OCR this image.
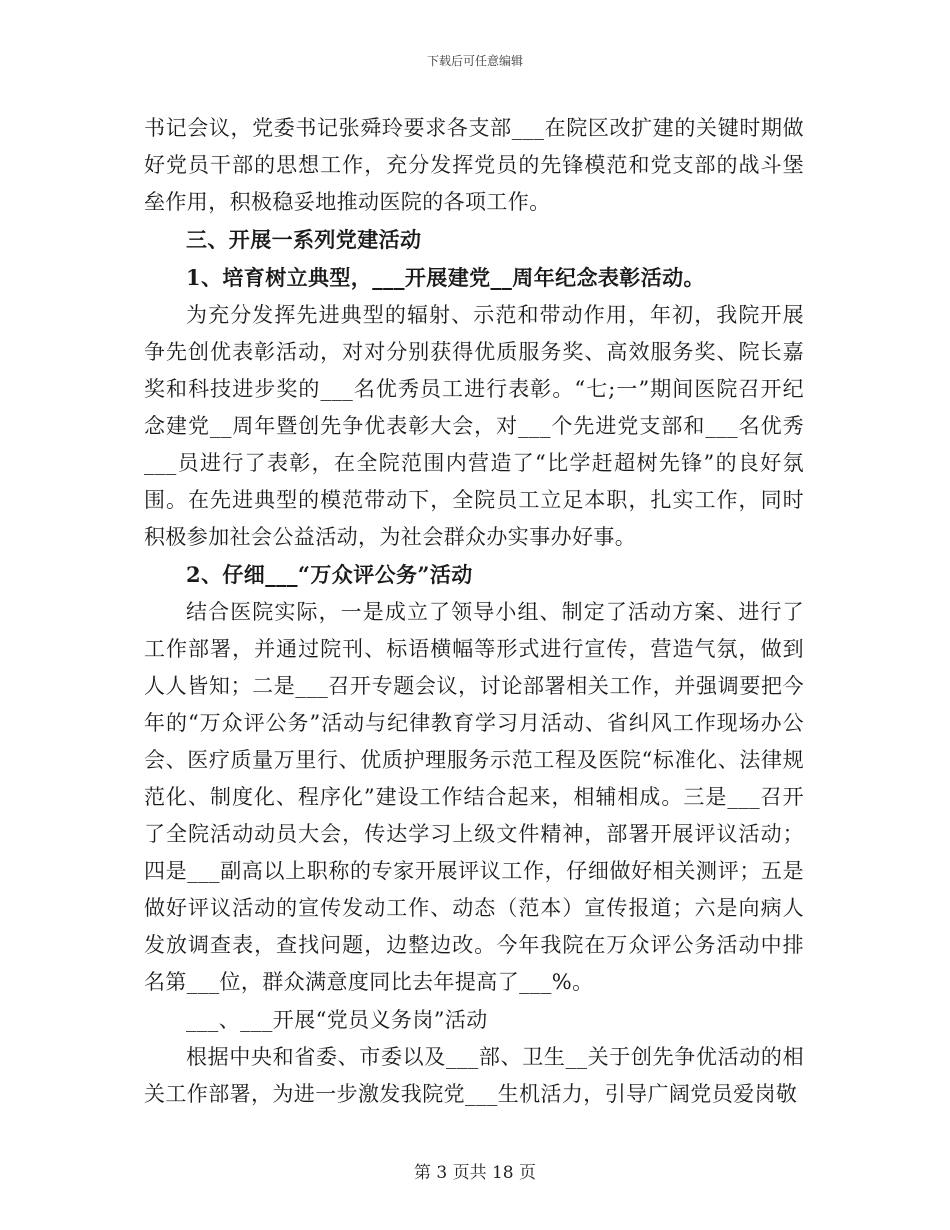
下载后可任意编辑

书记会议，党委书记张舜玲要求各支部___在院区改扩建的关键时期做好党员干部的思想工作，充分发挥党员的先锋模范和党支部的战斗堡垒作用，积极稳妥地推动医院的各项工作。

三、开展一系列党建活动

1、培育树立典型，___开展建党__周年纪念表彰活动。

为充分发挥先进典型的辐射、示范和带动作用，年初，我院开展争先创优表彰活动，对对分别获得优质服务奖、高效服务奖、院长嘉奖和科技进步奖的___名优秀员工进行表彰。“七;一”期间医院召开纪念建党__周年暨创先争优表彰大会，对___个先进党支部和___名优秀___员进行了表彰，在全院范围内营造了“比学赶超树先锋”的良好氛围。在先进典型的模范带动下，全院员工立足本职，扎实工作，同时积极参加社会公益活动，为社会群众办实事办好事。

2、仔细___“万众评公务”活动

结合医院实际，一是成立了领导小组、制定了活动方案、进行了工作部署，并通过院刊、标语横幅等形式进行宣传，营造气氛，做到人人皆知；二是___召开专题会议，讨论部署相关工作，并强调要把今年的“万众评公务”活动与纪律教育学习月活动、省纠风工作现场办公会、医疗质量万里行、优质护理服务示范工程及医院“标准化、法律规范化、制度化、程序化”建设工作结合起来，相辅相成。三是___召开了全院活动动员大会，传达学习上级文件精神，部署开展评议活动；四是___副高以上职称的专家开展评议工作，仔细做好相关测评；五是做好评议活动的宣传发动工作、动态（范本）宣传报道；六是向病人发放调查表，查找问题，边整边改。今年我院在万众评公务活动中排名第___位，群众满意度同比去年提高了___%。

___、___开展“党员义务岗”活动

根据中央和省委、市委以及___部、卫生__关于创先争优活动的相关工作部署，为进一步激发我院党___生机活力，引导广阔党员爱岗敬

第 3 页共 18 页
